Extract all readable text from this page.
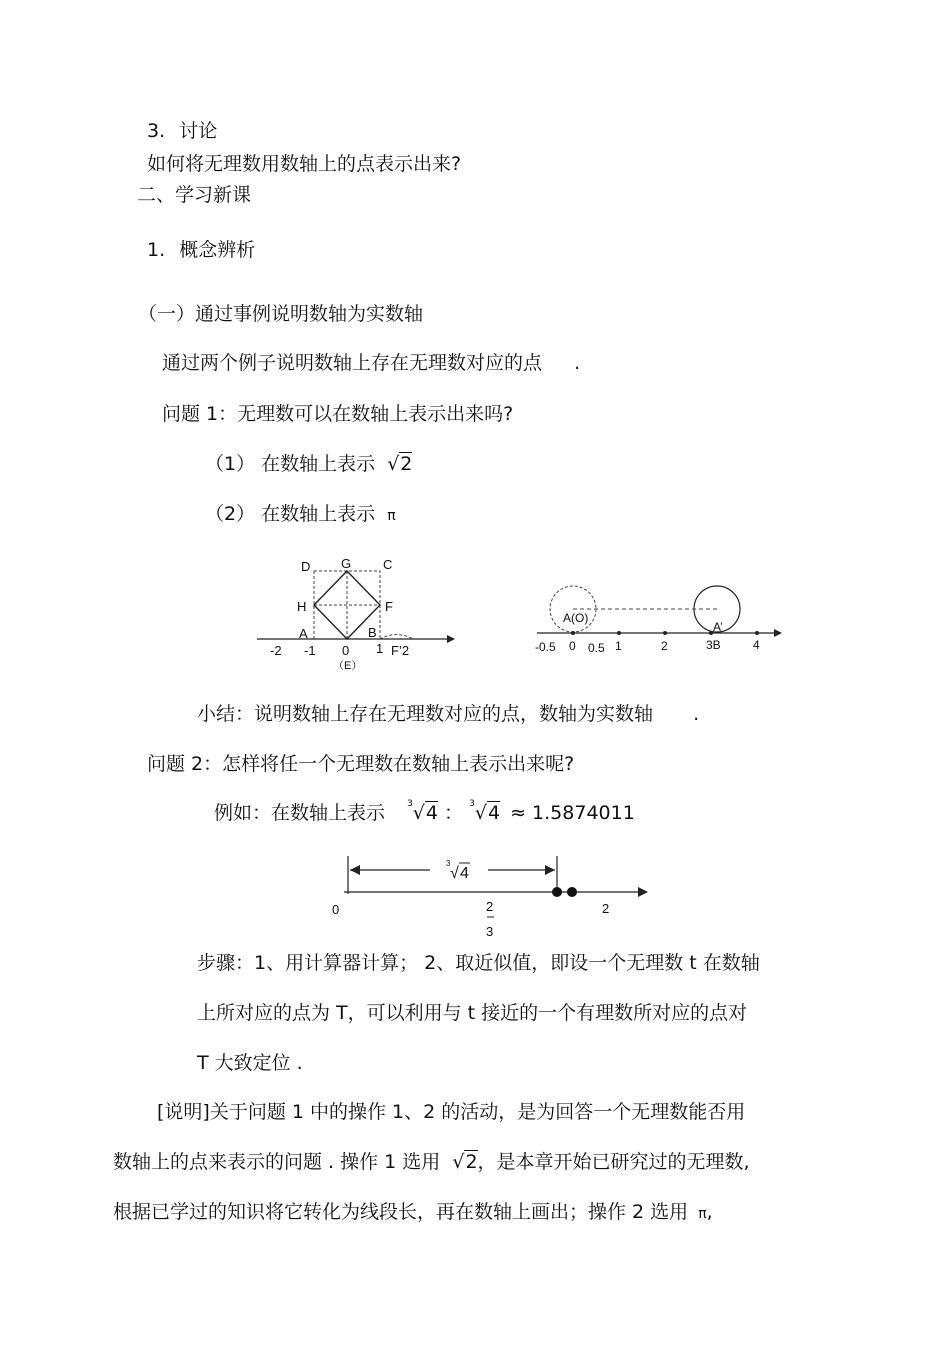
3. 讨论
如何将无理数用数轴上的点表示出来?
二、学习新课
1. 概念辨析
（一）通过事例说明数轴为实数轴
通过两个例子说明数轴上存在无理数对应的点 .
问题 1：无理数可以在数轴上表示出来吗?
（1） 在数轴上表示 √2
（2） 在数轴上表示 π
D G C
H	F
A	B
-2 -1 0 1 F’2
（E）
A(O)
A’
-0.5 0 0.5 1	2	3B	4
小结：说明数轴上存在无理数对应的点，数轴为实数轴 .
问题 2：怎样将任一个无理数在数轴上表示出来呢?
例如：在数轴上表示 $^3$√4 ： $^3$√4 ≈ 1.5874011
3
√ 4
0	2
3
2
步骤：1、用计算器计算； 2、取近似值，即设一个无理数 t 在数轴
上所对应的点为 T，可以利用与 t 接近的一个有理数所对应的点对
T 大致定位 .
[说明]关于问题 1 中的操作 1、2 的活动，是为回答一个无理数能否用
数轴上的点来表示的问题 . 操作 1 选用 √2，是本章开始已研究过的无理数,
根据已学过的知识将它转化为线段长，再在数轴上画出；操作 2 选用 π,
